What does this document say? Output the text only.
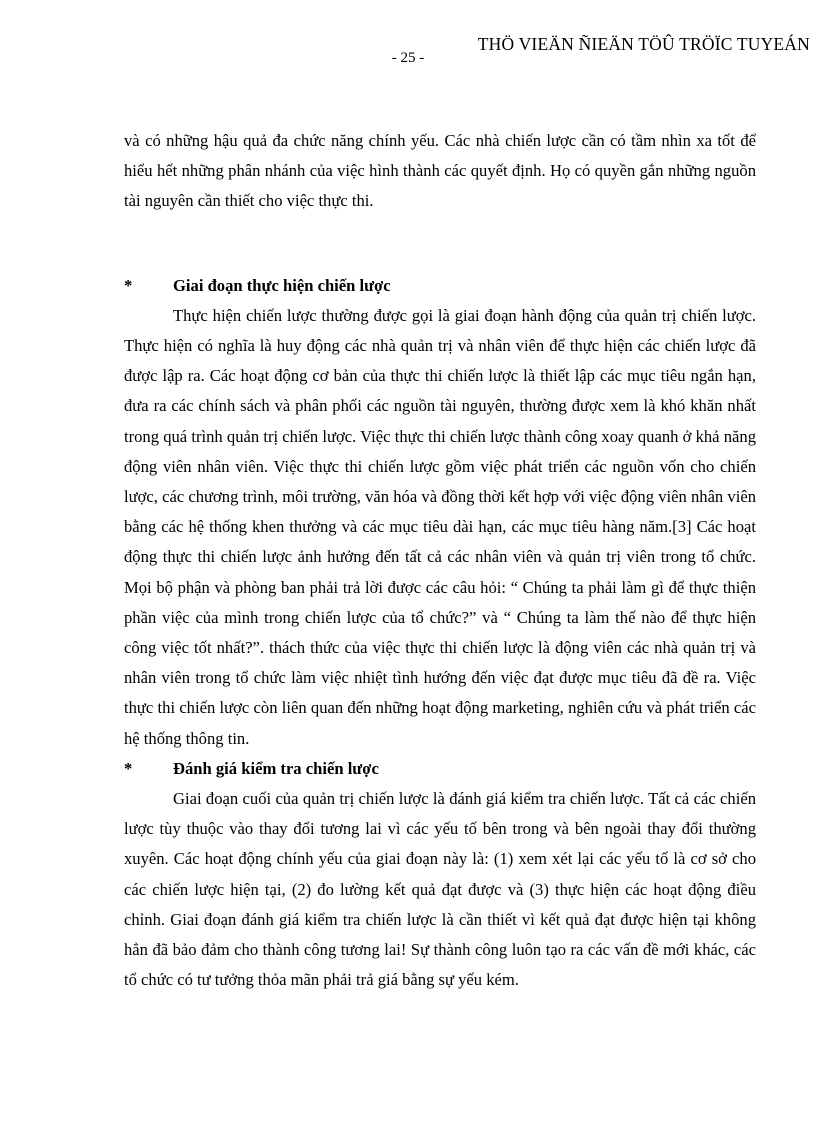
THÖ VIEÄN ÑIEÄN TÖÛ TRÖÏC TUYEÁN
- 25 -

và có những hậu quả đa chức năng chính yếu. Các nhà chiến lược cần có tầm nhìn xa tốt để hiểu hết những phân nhánh của việc hình thành các quyết định. Họ có quyền gắn những nguồn tài nguyên cần thiết cho việc thực thi.

*	Giai đoạn thực hiện chiến lược

Thực hiện chiến lược thường được gọi là giai đoạn hành động của quản trị chiến lược. Thực hiện có nghĩa là huy động các nhà quản trị và nhân viên để thực hiện các chiến lược đã được lập ra. Các hoạt động cơ bản của thực thi chiến lược là thiết lập các mục tiêu ngắn hạn, đưa ra các chính sách và phân phối các nguồn tài nguyên, thường được xem là khó khăn nhất trong quá trình quản trị chiến lược. Việc thực thi chiến lược thành công xoay quanh ở khả năng động viên nhân viên. Việc thực thi chiến lược gồm việc phát triển các nguồn vốn cho chiến lược, các chương trình, môi trường, văn hóa và đồng thời kết hợp với việc động viên nhân viên bằng các hệ thống khen thưởng và các mục tiêu dài hạn, các mục tiêu hàng năm.[3] Các hoạt động thực thi chiến lược ảnh hưởng đến tất cả các nhân viên và quản trị viên trong tổ chức. Mọi bộ phận và phòng ban phải trả lời được các câu hỏi: “ Chúng ta phải làm gì để thực thiện phần việc của mình trong chiến lược của tổ chức?” và “ Chúng ta làm thế nào để thực hiện công việc tốt nhất?”. thách thức của việc thực thi chiến lược là động viên các nhà quản trị và nhân viên trong tổ chức làm việc nhiệt tình hướng đến việc đạt được mục tiêu đã đề ra. Việc thực thi chiến lược còn liên quan đến những hoạt động marketing, nghiên cứu và phát triển các hệ thống thông tin.

*	Đánh giá kiểm tra chiến lược

Giai đoạn cuối của quản trị chiến lược là đánh giá kiểm tra chiến lược. Tất cả các chiến lược tùy thuộc vào thay đổi tương lai vì các yếu tố bên trong và bên ngoài thay đổi thường xuyên. Các hoạt động chính yếu của giai đoạn này là: (1) xem xét lại các yếu tố là cơ sở cho các chiến lược hiện tại, (2) đo lường kết quả đạt được và (3) thực hiện các hoạt động điều chỉnh. Giai đoạn đánh giá kiểm tra chiến lược là cần thiết vì kết quả đạt được hiện tại không hẳn đã bảo đảm cho thành công tương lai! Sự thành công luôn tạo ra các vấn đề mới khác, các tổ chức có tư tưởng thỏa mãn phải trả giá bằng sự yếu kém.
